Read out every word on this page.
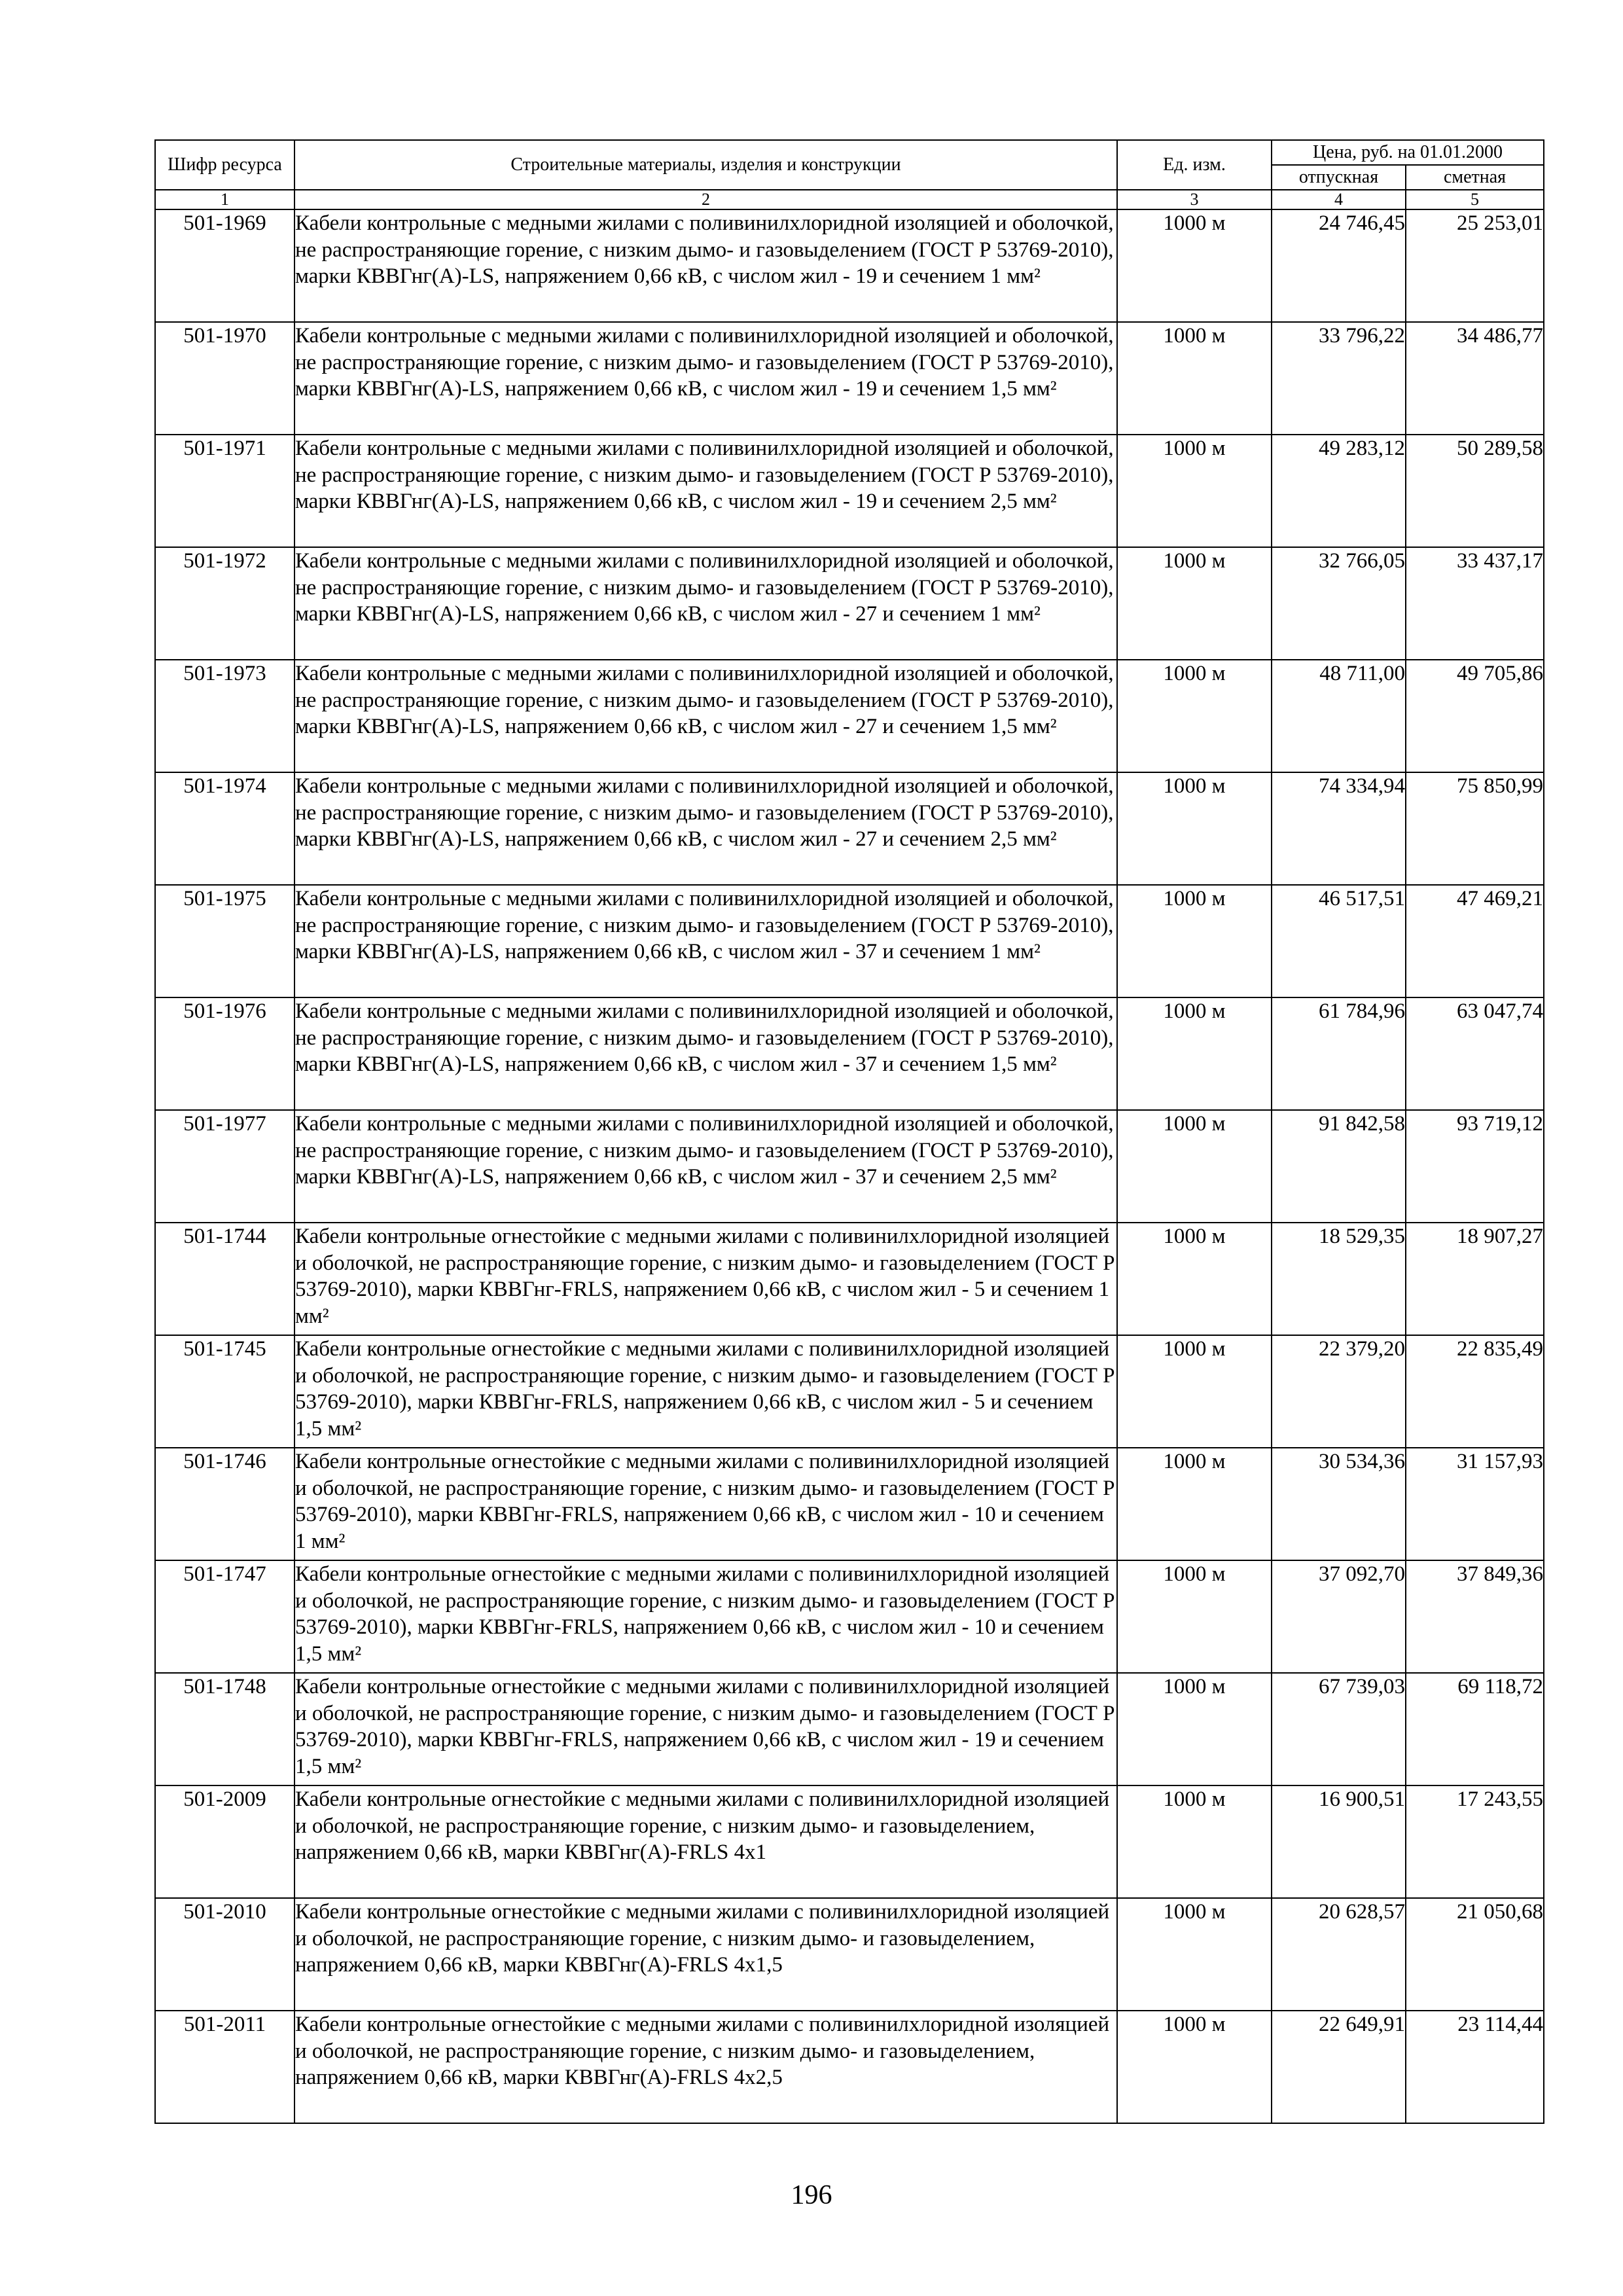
Шифр ресурса	Строительные материалы, изделия и конструкции	Ед. изм.	Цена, руб. на 01.01.2000	
			отпускная	сметная
1	2	3	4	5
501-1969	Кабели контрольные с медными жилами с поливинилхлоридной изоляцией и оболочкой, не распространяющие горение, с низким дымо- и газовыделением (ГОСТ Р 53769-2010), марки КВВГнг(А)-LS, напряжением 0,66 кВ, с числом жил - 19 и сечением 1 мм²	1000 м	24 746,45	25 253,01
501-1970	Кабели контрольные с медными жилами с поливинилхлоридной изоляцией и оболочкой, не распространяющие горение, с низким дымо- и газовыделением (ГОСТ Р 53769-2010), марки КВВГнг(А)-LS, напряжением 0,66 кВ, с числом жил - 19 и сечением 1,5 мм²	1000 м	33 796,22	34 486,77
501-1971	Кабели контрольные с медными жилами с поливинилхлоридной изоляцией и оболочкой, не распространяющие горение, с низким дымо- и газовыделением (ГОСТ Р 53769-2010), марки КВВГнг(А)-LS, напряжением 0,66 кВ, с числом жил - 19 и сечением 2,5 мм²	1000 м	49 283,12	50 289,58
501-1972	Кабели контрольные с медными жилами с поливинилхлоридной изоляцией и оболочкой, не распространяющие горение, с низким дымо- и газовыделением (ГОСТ Р 53769-2010), марки КВВГнг(А)-LS, напряжением 0,66 кВ, с числом жил - 27 и сечением 1 мм²	1000 м	32 766,05	33 437,17
501-1973	Кабели контрольные с медными жилами с поливинилхлоридной изоляцией и оболочкой, не распространяющие горение, с низким дымо- и газовыделением (ГОСТ Р 53769-2010), марки КВВГнг(А)-LS, напряжением 0,66 кВ, с числом жил - 27 и сечением 1,5 мм²	1000 м	48 711,00	49 705,86
501-1974	Кабели контрольные с медными жилами с поливинилхлоридной изоляцией и оболочкой, не распространяющие горение, с низким дымо- и газовыделением (ГОСТ Р 53769-2010), марки КВВГнг(А)-LS, напряжением 0,66 кВ, с числом жил - 27 и сечением 2,5 мм²	1000 м	74 334,94	75 850,99
501-1975	Кабели контрольные с медными жилами с поливинилхлоридной изоляцией и оболочкой, не распространяющие горение, с низким дымо- и газовыделением (ГОСТ Р 53769-2010), марки КВВГнг(А)-LS, напряжением 0,66 кВ, с числом жил - 37 и сечением 1 мм²	1000 м	46 517,51	47 469,21
501-1976	Кабели контрольные с медными жилами с поливинилхлоридной изоляцией и оболочкой, не распространяющие горение, с низким дымо- и газовыделением (ГОСТ Р 53769-2010), марки КВВГнг(А)-LS, напряжением 0,66 кВ, с числом жил - 37 и сечением 1,5 мм²	1000 м	61 784,96	63 047,74
501-1977	Кабели контрольные с медными жилами с поливинилхлоридной изоляцией и оболочкой, не распространяющие горение, с низким дымо- и газовыделением (ГОСТ Р 53769-2010), марки КВВГнг(А)-LS, напряжением 0,66 кВ, с числом жил - 37 и сечением 2,5 мм²	1000 м	91 842,58	93 719,12
501-1744	Кабели контрольные огнестойкие с медными жилами с поливинилхлоридной изоляцией и оболочкой, не распространяющие горение, с низким дымо- и газовыделением (ГОСТ Р 53769-2010), марки КВВГнг-FRLS, напряжением 0,66 кВ, с числом жил - 5 и сечением 1 мм²	1000 м	18 529,35	18 907,27
501-1745	Кабели контрольные огнестойкие с медными жилами с поливинилхлоридной изоляцией и оболочкой, не распространяющие горение, с низким дымо- и газовыделением (ГОСТ Р 53769-2010), марки КВВГнг-FRLS, напряжением 0,66 кВ, с числом жил - 5 и сечением 1,5 мм²	1000 м	22 379,20	22 835,49
501-1746	Кабели контрольные огнестойкие с медными жилами с поливинилхлоридной изоляцией и оболочкой, не распространяющие горение, с низким дымо- и газовыделением (ГОСТ Р 53769-2010), марки КВВГнг-FRLS, напряжением 0,66 кВ, с числом жил - 10 и сечением 1 мм²	1000 м	30 534,36	31 157,93
501-1747	Кабели контрольные огнестойкие с медными жилами с поливинилхлоридной изоляцией и оболочкой, не распространяющие горение, с низким дымо- и газовыделением (ГОСТ Р 53769-2010), марки КВВГнг-FRLS, напряжением 0,66 кВ, с числом жил - 10 и сечением 1,5 мм²	1000 м	37 092,70	37 849,36
501-1748	Кабели контрольные огнестойкие с медными жилами с поливинилхлоридной изоляцией и оболочкой, не распространяющие горение, с низким дымо- и газовыделением (ГОСТ Р 53769-2010), марки КВВГнг-FRLS, напряжением 0,66 кВ, с числом жил - 19 и сечением 1,5 мм²	1000 м	67 739,03	69 118,72
501-2009	Кабели контрольные огнестойкие с медными жилами с поливинилхлоридной изоляцией и оболочкой, не распространяющие горение, с низким дымо- и газовыделением, напряжением 0,66 кВ, марки КВВГнг(А)-FRLS 4х1	1000 м	16 900,51	17 243,55
501-2010	Кабели контрольные огнестойкие с медными жилами с поливинилхлоридной изоляцией и оболочкой, не распространяющие горение, с низким дымо- и газовыделением, напряжением 0,66 кВ, марки КВВГнг(А)-FRLS 4х1,5	1000 м	20 628,57	21 050,68
501-2011	Кабели контрольные огнестойкие с медными жилами с поливинилхлоридной изоляцией и оболочкой, не распространяющие горение, с низким дымо- и газовыделением, напряжением 0,66 кВ, марки КВВГнг(А)-FRLS 4х2,5	1000 м	22 649,91	23 114,44
196
